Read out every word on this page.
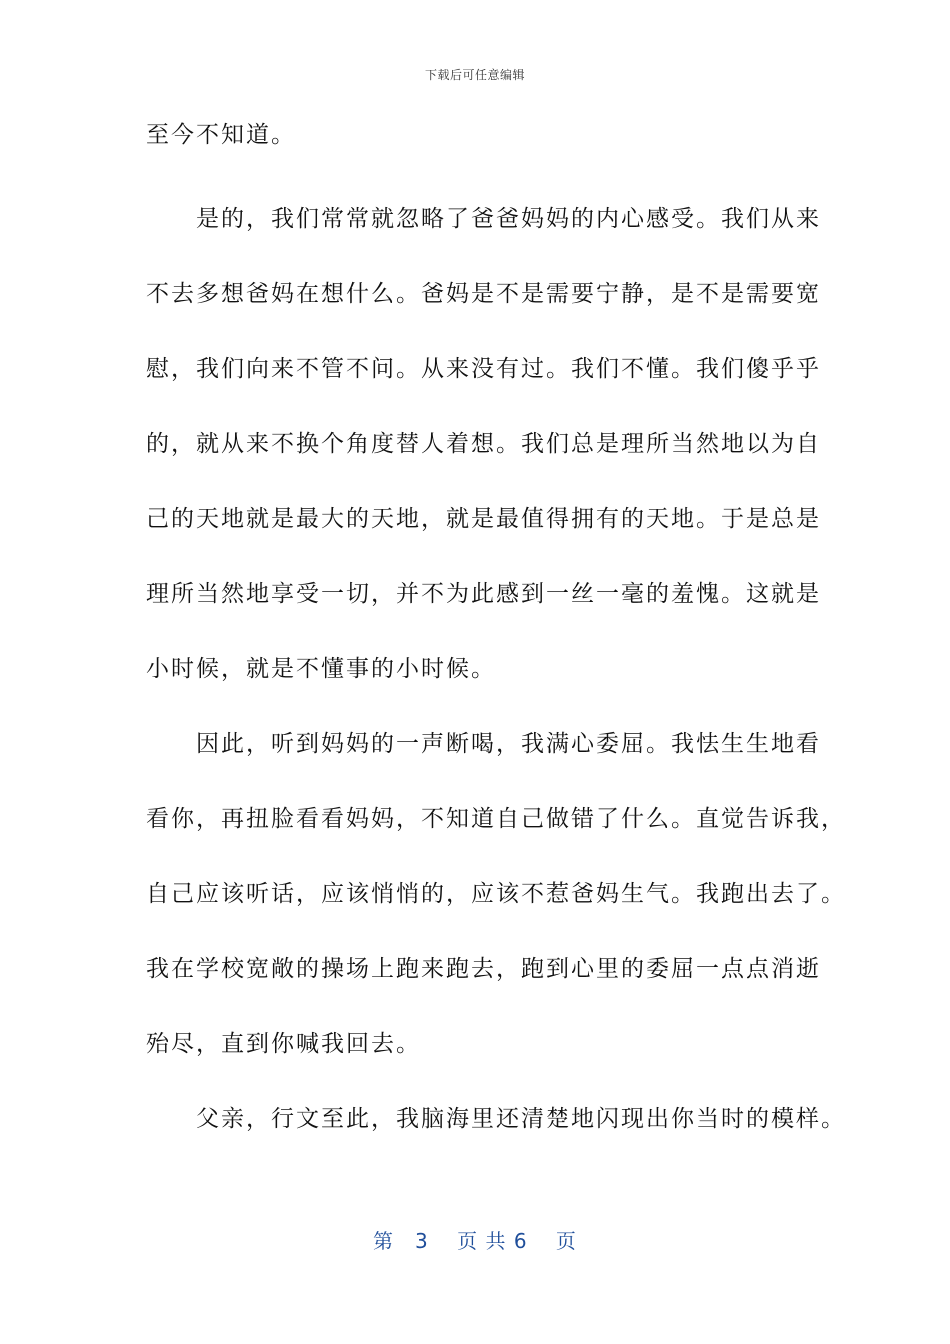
下载后可任意编辑
至今不知道。
　　是的，我们常常就忽略了爸爸妈妈的内心感受。我们从来
不去多想爸妈在想什么。爸妈是不是需要宁静，是不是需要宽
慰，我们向来不管不问。从来没有过。我们不懂。我们傻乎乎
的，就从来不换个角度替人着想。我们总是理所当然地以为自
己的天地就是最大的天地，就是最值得拥有的天地。于是总是
理所当然地享受一切，并不为此感到一丝一毫的羞愧。这就是
小时候，就是不懂事的小时候。
　　因此，听到妈妈的一声断喝，我满心委屈。我怯生生地看
看你，再扭脸看看妈妈，不知道自己做错了什么。直觉告诉我，
自己应该听话，应该悄悄的，应该不惹爸妈生气。我跑出去了。
我在学校宽敞的操场上跑来跑去，跑到心里的委屈一点点消逝
殆尽，直到你喊我回去。
　　父亲，行文至此，我脑海里还清楚地闪现出你当时的模样。
第　3　 页 共 6 　页
